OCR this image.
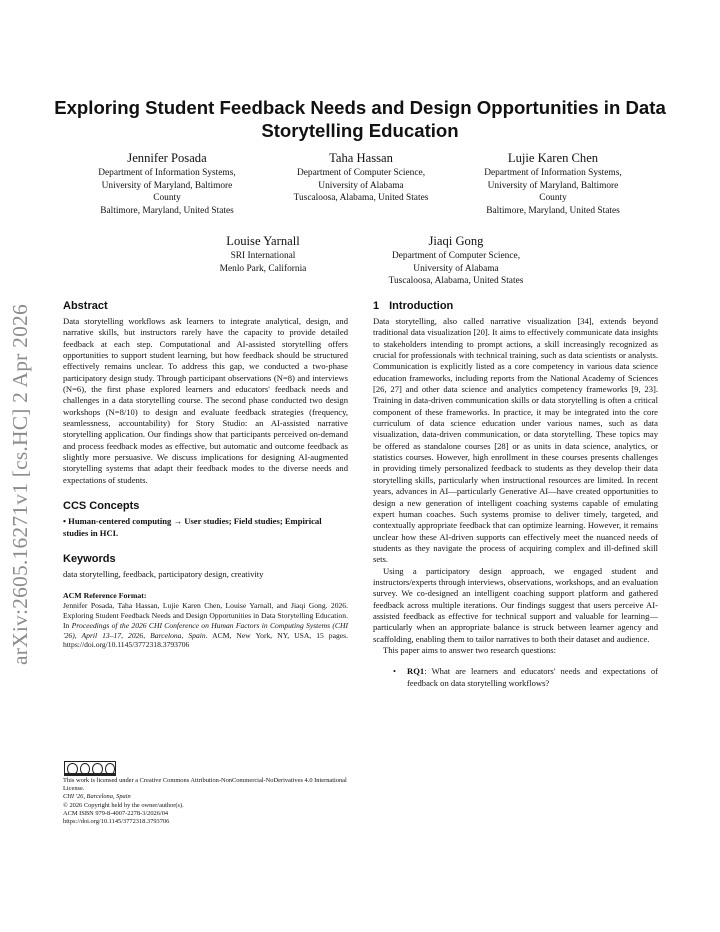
arXiv:2605.16271v1 [cs.HC] 2 Apr 2026
Exploring Student Feedback Needs and Design Opportunities in Data Storytelling Education
Jennifer Posada
Department of Information Systems,
University of Maryland, Baltimore
County
Baltimore, Maryland, United States
Taha Hassan
Department of Computer Science,
University of Alabama
Tuscaloosa, Alabama, United States
Lujie Karen Chen
Department of Information Systems,
University of Maryland, Baltimore
County
Baltimore, Maryland, United States
Louise Yarnall
SRI International
Menlo Park, California
Jiaqi Gong
Department of Computer Science,
University of Alabama
Tuscaloosa, Alabama, United States
Abstract

Data storytelling workflows ask learners to integrate analytical, design, and narrative skills, but instructors rarely have the capacity to provide detailed feedback at each step. Computational and AI-assisted storytelling offers opportunities to support student learning, but how feedback should be structured effectively remains unclear. To address this gap, we conducted a two-phase participatory design study. Through participant observations (N=8) and interviews (N=6), the first phase explored learners and educators' feedback needs and challenges in a data storytelling course. The second phase conducted two design workshops (N=8/10) to design and evaluate feedback strategies (frequency, seamlessness, accountability) for Story Studio: an AI-assisted narrative storytelling application. Our findings show that participants perceived on-demand and process feedback modes as effective, but automatic and outcome feedback as slightly more persuasive. We discuss implications for designing AI-augmented storytelling systems that adapt their feedback modes to the diverse needs and expectations of students.

CCS Concepts

• Human-centered computing → User studies; Field studies; Empirical studies in HCI.

Keywords

data storytelling, feedback, participatory design, creativity

ACM Reference Format:

Jennifer Posada, Taha Hassan, Lujie Karen Chen, Louise Yarnall, and Jiaqi Gong. 2026. Exploring Student Feedback Needs and Design Opportunities in Data Storytelling Education. In Proceedings of the 2026 CHI Conference on Human Factors in Computing Systems (CHI '26), April 13–17, 2026, Barcelona, Spain. ACM, New York, NY, USA, 15 pages. https://doi.org/10.1145/3772318.3793706

This work is licensed under a Creative Commons Attribution-NonCommercial-NoDerivatives 4.0 International License.
CHI '26, Barcelona, Spain
© 2026 Copyright held by the owner/author(s).
ACM ISBN 979-8-4007-2278-3/2026/04
https://doi.org/10.1145/3772318.3793706
1 Introduction

Data storytelling, also called narrative visualization [34], extends beyond traditional data visualization [20]. It aims to effectively communicate data insights to stakeholders intending to prompt actions, a skill increasingly recognized as crucial for professionals with technical training, such as data scientists or analysts. Communication is explicitly listed as a core competency in various data science education frameworks, including reports from the National Academy of Sciences [26, 27] and other data science and analytics competency frameworks [9, 23]. Training in data-driven communication skills or data storytelling is often a critical component of these frameworks. In practice, it may be integrated into the core curriculum of data science education under various names, such as data visualization, data-driven communication, or data storytelling. These topics may be offered as standalone courses [28] or as units in data science, analytics, or statistics courses. However, high enrollment in these courses presents challenges in providing timely personalized feedback to students as they develop their data storytelling skills, particularly when instructional resources are limited. In recent years, advances in AI—particularly Generative AI—have created opportunities to design a new generation of intelligent coaching systems capable of emulating expert human coaches. Such systems promise to deliver timely, targeted, and contextually appropriate feedback that can optimize learning. However, it remains unclear how these AI-driven supports can effectively meet the nuanced needs of students as they navigate the process of acquiring complex and ill-defined skill sets.

Using a participatory design approach, we engaged student and instructors/experts through interviews, observations, workshops, and an evaluation survey. We co-designed an intelligent coaching support platform and gathered feedback across multiple iterations. Our findings suggest that users perceive AI-assisted feedback as effective for technical support and valuable for learning—particularly when an appropriate balance is struck between learner agency and scaffolding, enabling them to tailor narratives to both their dataset and audience.

This paper aims to answer two research questions:

• RQ1: What are learners and educators' needs and expectations of feedback on data storytelling workflows?
